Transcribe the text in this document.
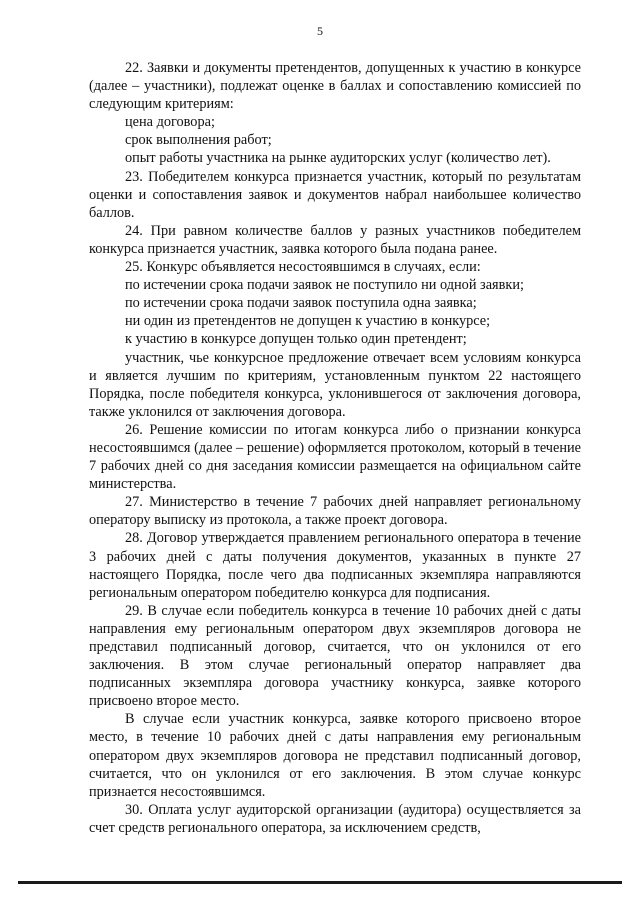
5

22. Заявки и документы претендентов, допущенных к участию в конкурсе (далее – участники), подлежат оценке в баллах и сопоставлению комиссией по следующим критериям:

цена договора;

срок выполнения работ;

опыт работы участника на рынке аудиторских услуг (количество лет).

23. Победителем конкурса признается участник, который по результатам оценки и сопоставления заявок и документов набрал наибольшее количество баллов.

24. При равном количестве баллов у разных участников победителем конкурса признается участник, заявка которого была подана ранее.

25. Конкурс объявляется несостоявшимся в случаях, если:

по истечении срока подачи заявок не поступило ни одной заявки;

по истечении срока подачи заявок поступила одна заявка;

ни один из претендентов не допущен к участию в конкурсе;

к участию в конкурсе допущен только один претендент;

участник, чье конкурсное предложение отвечает всем условиям конкурса и является лучшим по критериям, установленным пунктом 22 настоящего Порядка, после победителя конкурса, уклонившегося от заключения договора, также уклонился от заключения договора.

26. Решение комиссии по итогам конкурса либо о признании конкурса несостоявшимся (далее – решение) оформляется протоколом, который в течение 7 рабочих дней со дня заседания комиссии размещается на официальном сайте министерства.

27. Министерство в течение 7 рабочих дней направляет региональному оператору выписку из протокола, а также проект договора.

28. Договор утверждается правлением регионального оператора в течение 3 рабочих дней с даты получения документов, указанных в пункте 27 настоящего Порядка, после чего два подписанных экземпляра направляются региональным оператором победителю конкурса для подписания.

29. В случае если победитель конкурса в течение 10 рабочих дней с даты направления ему региональным оператором двух экземпляров договора не представил подписанный договор, считается, что он уклонился от его заключения. В этом случае региональный оператор направляет два подписанных экземпляра договора участнику конкурса, заявке которого присвоено второе место.

В случае если участник конкурса, заявке которого присвоено второе место, в течение 10 рабочих дней с даты направления ему региональным оператором двух экземпляров договора не представил подписанный договор, считается, что он уклонился от его заключения. В этом случае конкурс признается несостоявшимся.

30. Оплата услуг аудиторской организации (аудитора) осуществляется за счет средств регионального оператора, за исключением средств,
